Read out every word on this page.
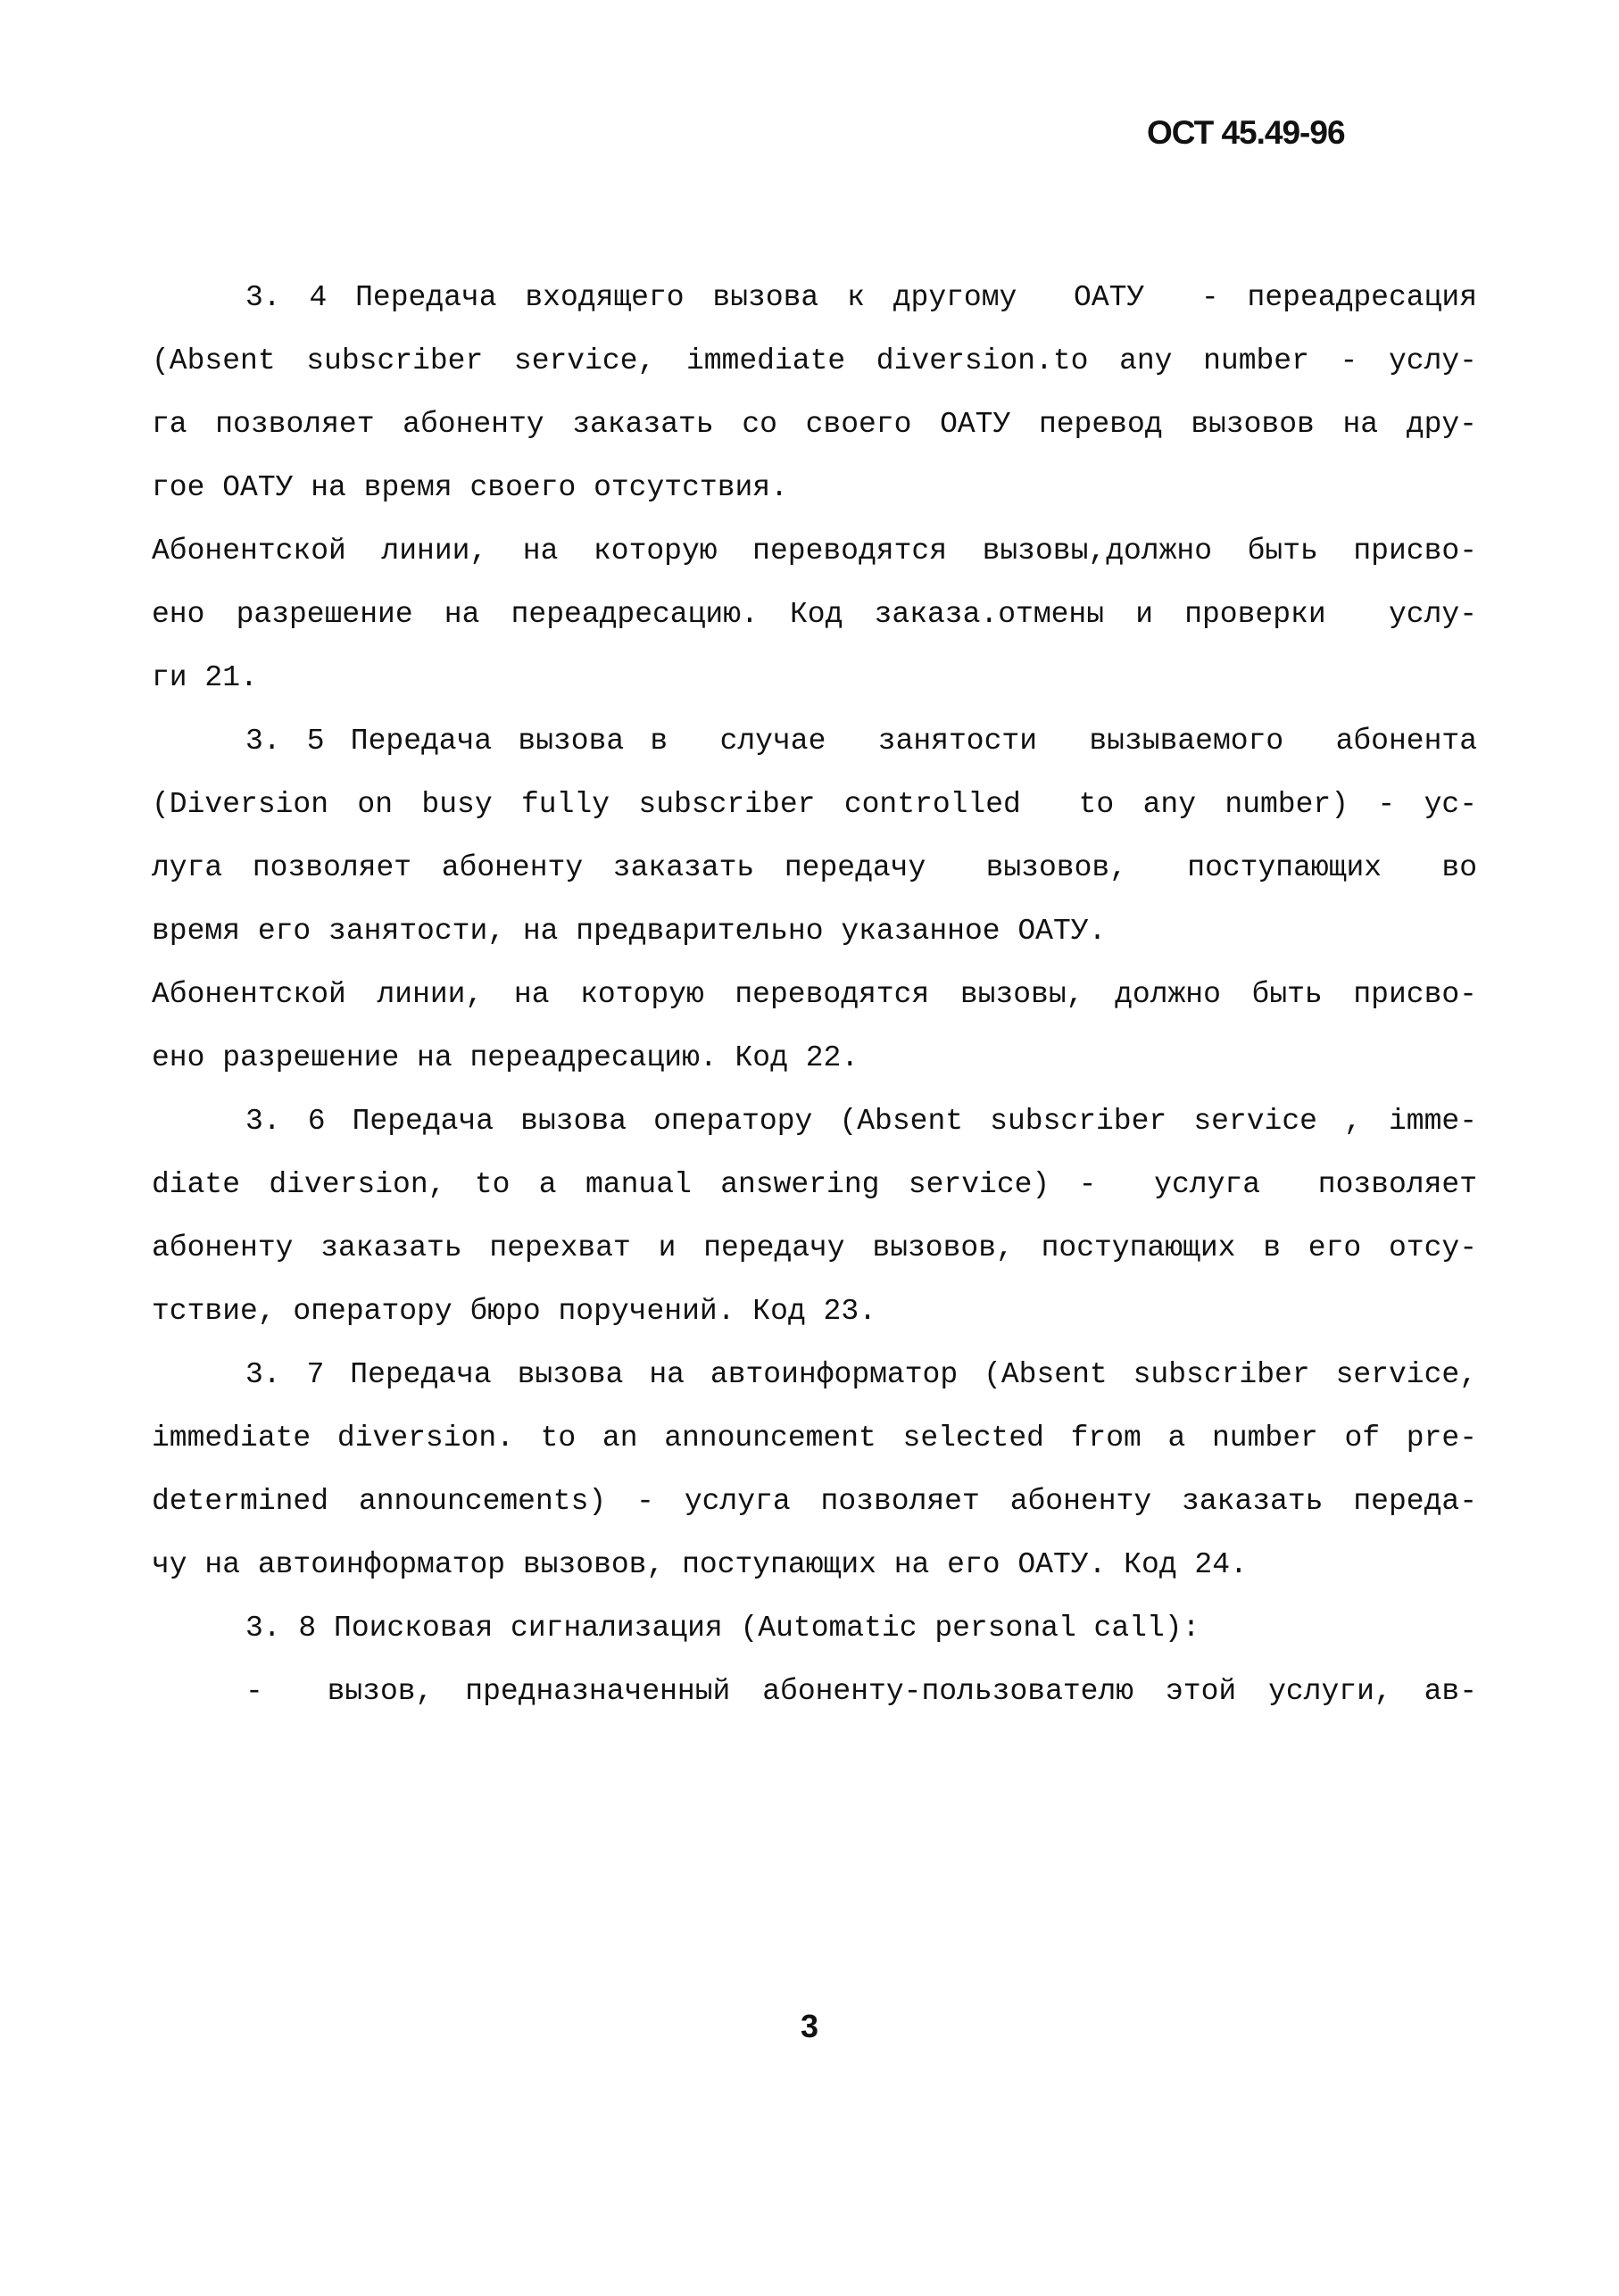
ОСТ 45.49-96
3. 4 Передача входящего вызова к другому  ОАТУ  - переадресация
(Absent subscriber service, immediate diversion.to any number - услу-
га позволяет абоненту заказать со своего ОАТУ перевод вызовов на дру-
гое ОАТУ на время своего отсутствия.
Абонентской линии, на которую переводятся вызовы,должно быть присво-
ено разрешение на переадресацию. Код заказа.отмены и проверки  услу-
ги 21.
3. 5 Передача вызова в  случае  занятости  вызываемого  абонента
(Diversion on busy fully subscriber controlled  to any number) - ус-
луга позволяет абоненту заказать передачу  вызовов,  поступающих  во
время его занятости, на предварительно указанное ОАТУ.
Абонентской линии, на которую переводятся вызовы, должно быть присво-
ено разрешение на переадресацию. Код 22.
3. 6 Передача вызова оператору (Absent subscriber service , imme-
diate diversion, to a manual answering service) -  услуга  позволяет
абоненту заказать перехват и передачу вызовов, поступающих в его отсу-
тствие, оператору бюро поручений. Код 23.
3. 7 Передача вызова на автоинформатор (Absent subscriber service,
immediate diversion. to an announcement selected from a number of pre-
determined announcements) - услуга позволяет абоненту заказать переда-
чу на автоинформатор вызовов, поступающих на его ОАТУ. Код 24.
3. 8 Поисковая сигнализация (Automatic personal call):
-  вызов, предназначенный абоненту-пользователю этой услуги, ав-
3
